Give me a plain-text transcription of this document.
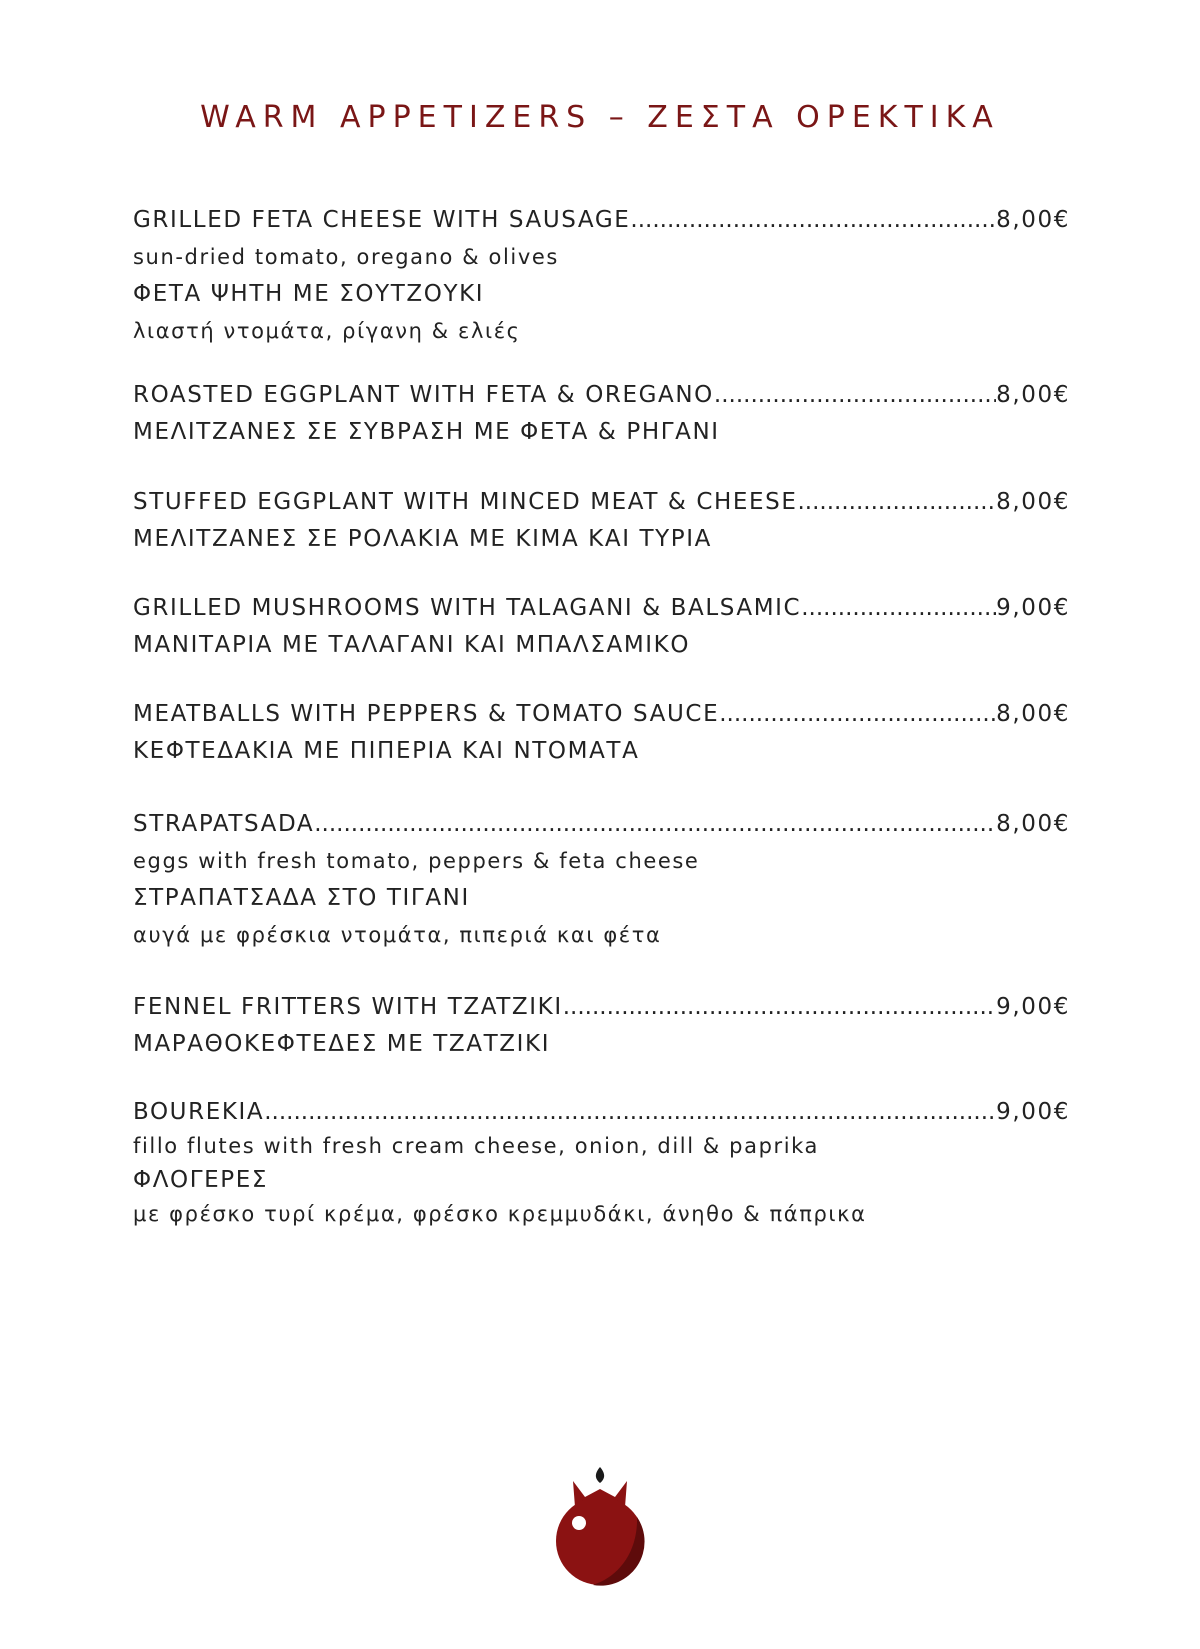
WARM APPETIZERS – ΖΕΣΤΑ ΟΡΕΚΤΙΚΑ
GRILLED FETA CHEESE WITH SAUSAGE .....	8,00€
sun-dried tomato, oregano & olives
ΦΕΤΑ ΨΗΤΗ ΜΕ ΣΟΥΤΖΟΥΚΙ
λιαστή ντομάτα, ρίγανη & ελιές
ROASTED EGGPLANT WITH FETA & OREGANO .....	8,00€
ΜΕΛΙΤΖΑΝΕΣ ΣΕ ΣΥΒΡΑΣΗ ΜΕ ΦΕΤΑ & ΡΗΓΑΝΙ
STUFFED EGGPLANT WITH MINCED MEAT & CHEESE .....	8,00€
ΜΕΛΙΤΖΑΝΕΣ ΣΕ ΡΟΛΑΚΙΑ ΜΕ ΚΙΜΑ ΚΑΙ ΤΥΡΙΑ
GRILLED MUSHROOMS WITH TALAGANI & BALSAMIC .....	9,00€
ΜΑΝΙΤΑΡΙΑ ΜΕ ΤΑΛΑΓΑΝΙ ΚΑΙ ΜΠΑΛΣΑΜΙΚΟ
MEATBALLS WITH PEPPERS & TOMATO SAUCE .....	8,00€
ΚΕΦΤΕΔΑΚΙΑ ΜΕ ΠΙΠΕΡΙΑ ΚΑΙ ΝΤΟΜΑΤΑ
STRAPATSADA .....	8,00€
eggs with fresh tomato, peppers & feta cheese
ΣΤΡΑΠΑΤΣΑΔΑ ΣΤΟ ΤΙΓΑΝΙ
αυγά με φρέσκια ντομάτα, πιπεριά και φέτα
FENNEL FRITTERS WITH TZATZIKI .....	9,00€
ΜΑΡΑΘΟΚΕΦΤΕΔΕΣ ΜΕ ΤΖΑΤΖΙΚΙ
BOUREKIA .....	9,00€
fillo flutes with fresh cream cheese, onion, dill & paprika
ΦΛΟΓΕΡΕΣ
με φρέσκο τυρί κρέμα, φρέσκο κρεμμυδάκι, άνηθο & πάπρικα
